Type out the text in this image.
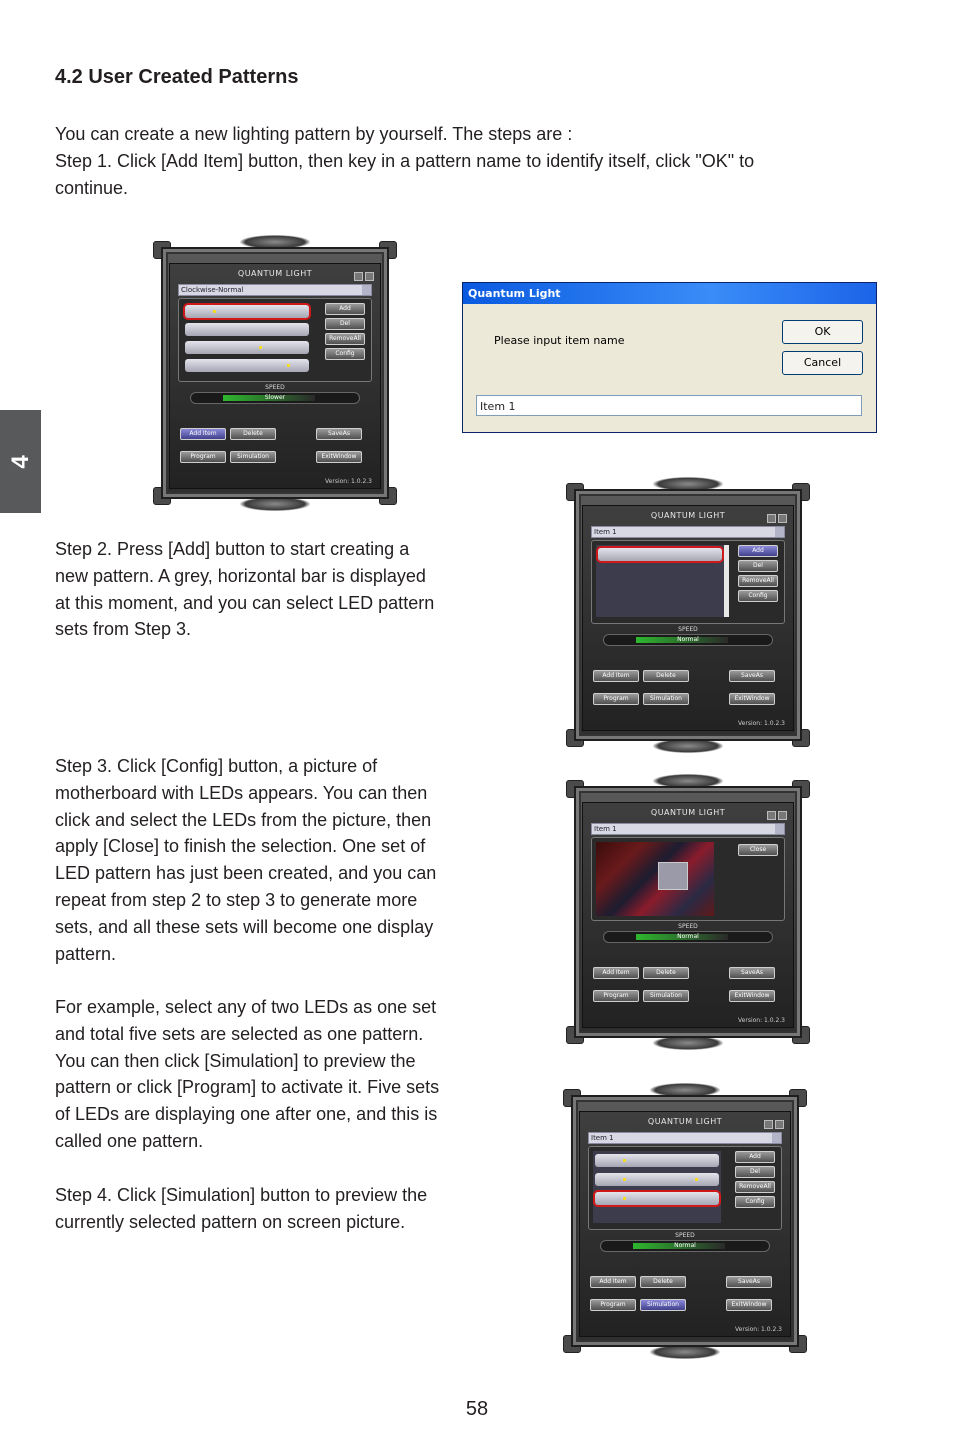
4.2 User Created Patterns
You can create a new lighting pattern by yourself. The steps are :
Step 1. Click [Add Item] button, then key in a pattern name to identify itself, click "OK" to
continue.
4
QUANTUM LIGHT
Clockwise-Normal
Add
Del
RemoveAll
Config
SPEED
Slower
Add Item	Delete	SaveAs
Program	Simulation	ExitWindow
Version: 1.0.2.3
Quantum Light
Please input item name
OK
Cancel
Item 1
Step 2. Press [Add] button to start creating a
new pattern. A grey, horizontal bar is displayed
at this moment, and you can select LED pattern
sets from Step 3.
QUANTUM LIGHT
Item 1
Add
Del
RemoveAll
Config
SPEED
Normal
Add Item	Delete	SaveAs
Program	Simulation	ExitWindow
Version: 1.0.2.3
Step 3. Click [Config] button, a picture of
motherboard with LEDs appears. You can then
click and select the LEDs from the picture, then
apply [Close] to finish the selection. One set of
LED pattern has just been created, and you can
repeat from step 2 to step 3 to generate more
sets, and all these sets will become one display
pattern.
QUANTUM LIGHT
Item 1
Close
SPEED
Normal
Add Item	Delete	SaveAs
Program	Simulation	ExitWindow
Version: 1.0.2.3
For example, select any of two LEDs as one set
and total five sets are selected as one pattern.
You can then click [Simulation] to preview the
pattern or click [Program] to activate it. Five sets
of LEDs are displaying one after one, and this is
called one pattern.
QUANTUM LIGHT
Item 1
Add
Del
RemoveAll
Config
SPEED
Normal
Add Item	Delete	SaveAs
Program	Simulation	ExitWindow
Version: 1.0.2.3
Step 4. Click [Simulation] button to preview the
currently selected pattern on screen picture.
58
